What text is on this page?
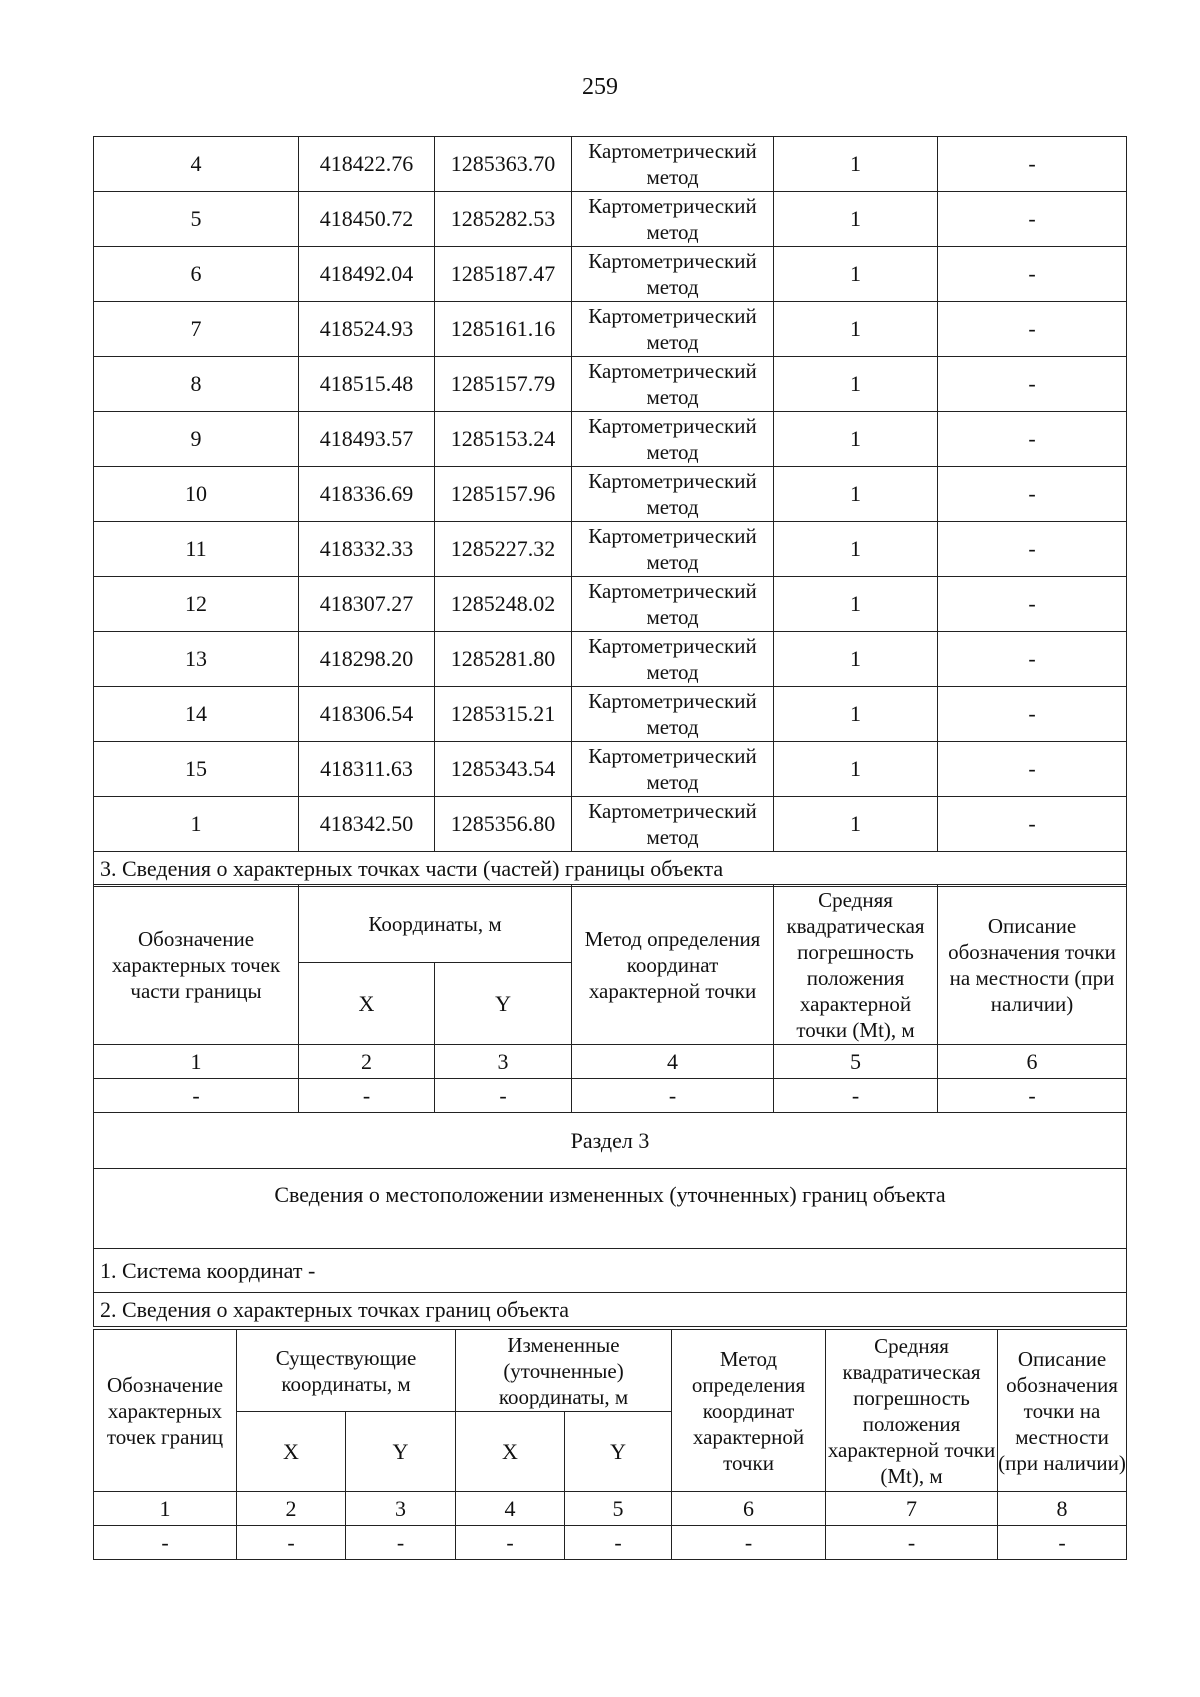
259
4	418422.76	1285363.70	Картометрический метод	1	-
5	418450.72	1285282.53	Картометрический метод	1	-
6	418492.04	1285187.47	Картометрический метод	1	-
7	418524.93	1285161.16	Картометрический метод	1	-
8	418515.48	1285157.79	Картометрический метод	1	-
9	418493.57	1285153.24	Картометрический метод	1	-
10	418336.69	1285157.96	Картометрический метод	1	-
11	418332.33	1285227.32	Картометрический метод	1	-
12	418307.27	1285248.02	Картометрический метод	1	-
13	418298.20	1285281.80	Картометрический метод	1	-
14	418306.54	1285315.21	Картометрический метод	1	-
15	418311.63	1285343.54	Картометрический метод	1	-
1	418342.50	1285356.80	Картометрический метод	1	-
3. Сведения о характерных точках части (частей) границы объекта					
Обозначение характерных точек части границы	Координаты, м		Метод определения координат характерной точки	Средняя квадратическая погрешность положения характерной точки (Mt), м	Описание обозначения точки на местности (при наличии)
	X	Y			
1	2	3	4	5	6
-	-	-	-	-	-
Раздел 3					
Сведения о местоположении измененных (уточненных) границ объекта					
1. Система координат -					
2. Сведения о характерных точках границ объекта					
Обозначение характерных точек границ	Существующие координаты, м		Измененные (уточненные) координаты, м		Метод определения координат характерной точки	Средняя квадратическая погрешность положения характерной точки (Mt), м	Описание обозначения точки на местности (при наличии)
	X	Y	X	Y			
1	2	3	4	5	6	7	8
-	-	-	-	-	-	-	-
